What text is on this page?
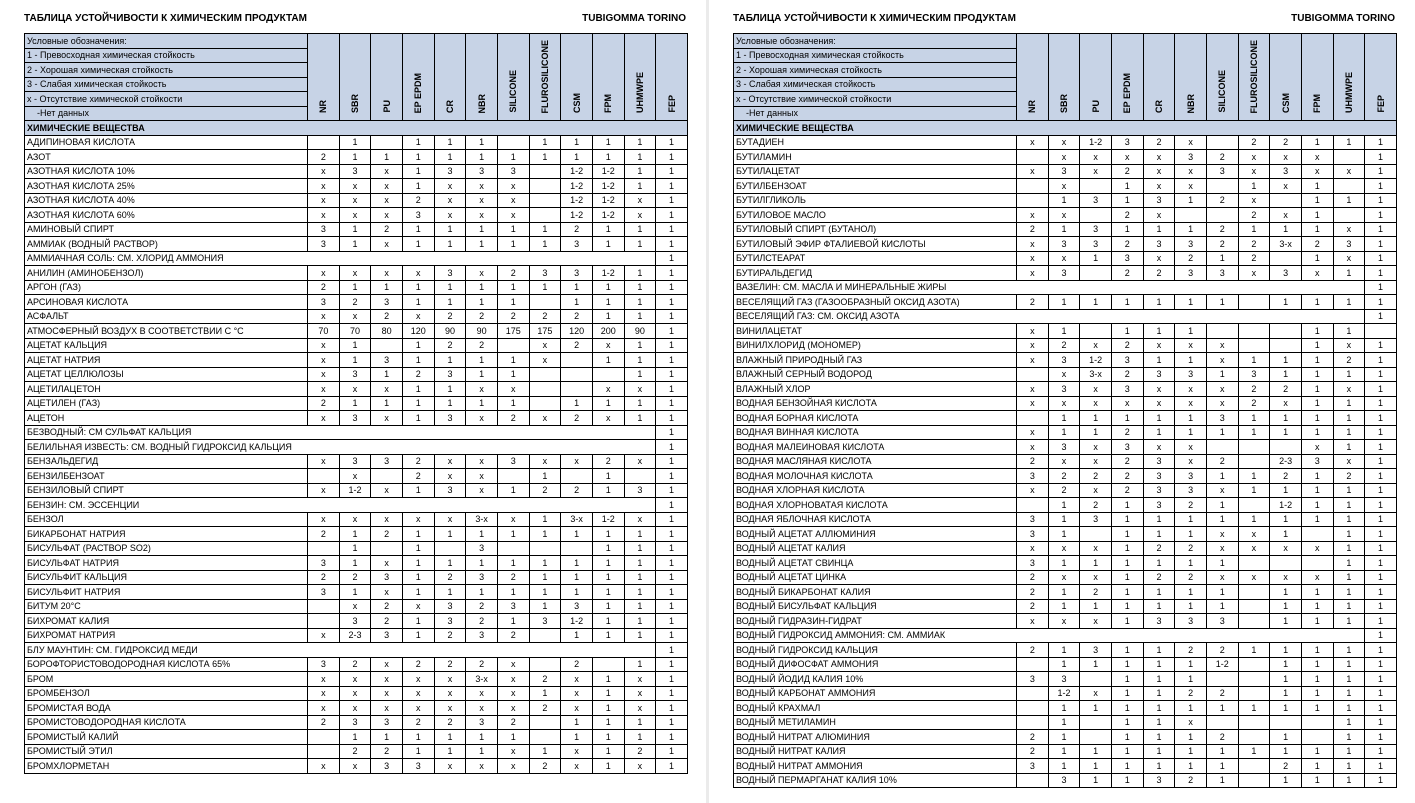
ТАБЛИЦА УСТОЙЧИВОСТИ К ХИМИЧЕСКИМ ПРОДУКТАМ	TUBIGOMMA TORINO
Условные обозначения:	NR	SBR	PU	EP EPDM	CR	NBR	SILICONE	FLUROSILICONE	CSM	FPM	UHMWPE	FEP
1 - Превосходная химическая стойкость												
2 - Хорошая химическая стойкость												
3 - Слабая химическая стойкость												
x - Отсутствие химической стойкости												
-Нет данных												
ХИМИЧЕСКИЕ ВЕЩЕСТВА												
АДИПИНОВАЯ КИСЛОТА		1		1	1	1		1	1	1	1	1
АЗОТ	2	1	1	1	1	1	1	1	1	1	1	1
АЗОТНАЯ КИСЛОТА 10%	x	3	x	1	3	3	3		1-2	1-2	1	1
АЗОТНАЯ КИСЛОТА 25%	x	x	x	1	x	x	x		1-2	1-2	1	1
АЗОТНАЯ КИСЛОТА 40%	x	x	x	2	x	x	x		1-2	1-2	x	1
АЗОТНАЯ КИСЛОТА 60%	x	x	x	3	x	x	x		1-2	1-2	x	1
АМИНОВЫЙ СПИРТ	3	1	2	1	1	1	1	1	2	1	1	1
АММИАК (ВОДНЫЙ РАСТВОР)	3	1	x	1	1	1	1	1	3	1	1	1
АММИАЧНАЯ СОЛЬ: СМ. ХЛОРИД АММОНИЯ												1
АНИЛИН (АМИНОБЕНЗОЛ)	x	x	x	x	3	x	2	3	3	1-2	1	1
АРГОН (ГАЗ)	2	1	1	1	1	1	1	1	1	1	1	1
АРСИНОВАЯ КИСЛОТА	3	2	3	1	1	1	1		1	1	1	1
АСФАЛЬТ	x	x	2	x	2	2	2	2	2	1	1	1
АТМОСФЕРНЫЙ ВОЗДУХ В СООТВЕТСТВИИ С °C	70	70	80	120	90	90	175	175	120	200	90	1
АЦЕТАТ КАЛЬЦИЯ	x	1		1	2	2		x	2	x	1	1
АЦЕТАТ НАТРИЯ	x	1	3	1	1	1	1	x		1	1	1
АЦЕТАТ ЦЕЛЛЮЛОЗЫ	x	3	1	2	3	1	1				1	1
АЦЕТИЛАЦЕТОН	x	x	x	1	1	x	x			x	x	1
АЦЕТИЛЕН (ГАЗ)	2	1	1	1	1	1	1		1	1	1	1
АЦЕТОН	x	3	x	1	3	x	2	x	2	x	1	1
БЕЗВОДНЫЙ: СМ СУЛЬФАТ КАЛЬЦИЯ												1
БЕЛИЛЬНАЯ ИЗВЕСТЬ: СМ. ВОДНЫЙ ГИДРОКСИД КАЛЬЦИЯ												1
БЕНЗАЛЬДЕГИД	x	3	3	2	x	x	3	x	x	2	x	1
БЕНЗИЛБЕНЗОАТ		x		2	x	x		1		1		1
БЕНЗИЛОВЫЙ СПИРТ	x	1-2	x	1	3	x	1	2	2	1	3	1
БЕНЗИН: СМ. ЭССЕНЦИИ												1
БЕНЗОЛ	x	x	x	x	x	3-x	x	1	3-x	1-2	x	1
БИКАРБОНАТ НАТРИЯ	2	1	2	1	1	1	1	1	1	1	1	1
БИСУЛЬФАТ (РАСТВОР SO2)		1		1		3				1	1	1
БИСУЛЬФАТ НАТРИЯ	3	1	x	1	1	1	1	1	1	1	1	1
БИСУЛЬФИТ КАЛЬЦИЯ	2	2	3	1	2	3	2	1	1	1	1	1
БИСУЛЬФИТ НАТРИЯ	3	1	x	1	1	1	1	1	1	1	1	1
БИТУМ 20°C		x	2	x	3	2	3	1	3	1	1	1
БИХРОМАТ КАЛИЯ		3	2	1	3	2	1	3	1-2	1	1	1
БИХРОМАТ НАТРИЯ	x	2-3	3	1	2	3	2		1	1	1	1
БЛУ МАУНТИН: СМ. ГИДРОКСИД МЕДИ												1
БОРОФТОРИСТОВОДОРОДНАЯ КИСЛОТА 65%	3	2	x	2	2	2	x		2		1	1
БРОМ	x	x	x	x	x	3-x	x	2	x	1	x	1
БРОМБЕНЗОЛ	x	x	x	x	x	x	x	1	x	1	x	1
БРОМИСТАЯ ВОДА	x	x	x	x	x	x	x	2	x	1	x	1
БРОМИСТОВОДОРОДНАЯ КИСЛОТА	2	3	3	2	2	3	2		1	1	1	1
БРОМИСТЫЙ КАЛИЙ		1	1	1	1	1	1		1	1	1	1
БРОМИСТЫЙ ЭТИЛ		2	2	1	1	1	x	1	x	1	2	1
БРОМХЛОРМЕТАН	x	x	3	3	x	x	x	2	x	1	x	1
ТАБЛИЦА УСТОЙЧИВОСТИ К ХИМИЧЕСКИМ ПРОДУКТАМ	TUBIGOMMA TORINO
Условные обозначения:	NR	SBR	PU	EP EPDM	CR	NBR	SILICONE	FLUROSILICONE	CSM	FPM	UHMWPE	FEP
1 - Превосходная химическая стойкость												
2 - Хорошая химическая стойкость												
3 - Слабая химическая стойкость												
x - Отсутствие химической стойкости												
-Нет данных												
ХИМИЧЕСКИЕ ВЕЩЕСТВА												
БУТАДИЕН	x	x	1-2	3	2	x		2	2	1	1	1
БУТИЛАМИН		x	x	x	x	3	2	x	x	x		1
БУТИЛАЦЕТАТ	x	3	x	2	x	x	3	x	3	x	x	1
БУТИЛБЕНЗОАТ		x		1	x	x		1	x	1		1
БУТИЛГЛИКОЛЬ		1	3	1	3	1	2	x		1	1	1
БУТИЛОВОЕ МАСЛО	x	x		2	x			2	x	1		1
БУТИЛОВЫЙ СПИРТ (БУТАНОЛ)	2	1	3	1	1	1	2	1	1	1	x	1
БУТИЛОВЫЙ ЭФИР ФТАЛИЕВОЙ КИСЛОТЫ	x	3	3	2	3	3	2	2	3-x	2	3	1
БУТИЛСТЕАРАТ	x	x	1	3	x	2	1	2		1	x	1
БУТИРАЛЬДЕГИД	x	3		2	2	3	3	x	3	x	1	1
ВАЗЕЛИН: СМ. МАСЛА И МИНЕРАЛЬНЫЕ ЖИРЫ												1
ВЕСЕЛЯЩИЙ ГАЗ (ГАЗООБРАЗНЫЙ ОКСИД АЗОТА)	2	1	1	1	1	1	1		1	1	1	1
ВЕСЕЛЯЩИЙ ГАЗ: СМ. ОКСИД АЗОТА												1
ВИНИЛАЦЕТАТ	x	1		1	1	1				1	1	
ВИНИЛХЛОРИД (МОНОМЕР)	x	2	x	2	x	x	x			1	x	1
ВЛАЖНЫЙ ПРИРОДНЫЙ ГАЗ	x	3	1-2	3	1	1	x	1	1	1	2	1
ВЛАЖНЫЙ СЕРНЫЙ ВОДОРОД		x	3-x	2	3	3	1	3	1	1	1	1
ВЛАЖНЫЙ ХЛОР	x	3	x	3	x	x	x	2	2	1	x	1
ВОДНАЯ БЕНЗОЙНАЯ КИСЛОТА	x	x	x	x	x	x	x	2	x	1	1	1
ВОДНАЯ БОРНАЯ КИСЛОТА		1	1	1	1	1	3	1	1	1	1	1
ВОДНАЯ ВИННАЯ КИСЛОТА	x	1	1	2	1	1	1	1	1	1	1	1
ВОДНАЯ МАЛЕИНОВАЯ КИСЛОТА	x	3	x	3	x	x				x	1	1
ВОДНАЯ МАСЛЯНАЯ КИСЛОТА	2	x	x	2	3	x	2		2-3	3	x	1
ВОДНАЯ МОЛОЧНАЯ КИСЛОТА	3	2	2	2	3	3	1	1	2	1	2	1
ВОДНАЯ ХЛОРНАЯ КИСЛОТА	x	2	x	2	3	3	x	1	1	1	1	1
ВОДНАЯ ХЛОРНОВАТАЯ КИСЛОТА		1	2	1	3	2	1		1-2	1	1	1
ВОДНАЯ ЯБЛОЧНАЯ КИСЛОТА	3	1	3	1	1	1	1	1	1	1	1	1
ВОДНЫЙ АЦЕТАТ АЛЛЮМИНИЯ	3	1		1	1	1	x	x	1		1	1
ВОДНЫЙ АЦЕТАТ КАЛИЯ	x	x	x	1	2	2	x	x	x	x	1	1
ВОДНЫЙ АЦЕТАТ СВИНЦА	3	1	1	1	1	1	1				1	1
ВОДНЫЙ АЦЕТАТ ЦИНКА	2	x	x	1	2	2	x	x	x	x	1	1
ВОДНЫЙ БИКАРБОНАТ КАЛИЯ	2	1	2	1	1	1	1		1	1	1	1
ВОДНЫЙ БИСУЛЬФАТ КАЛЬЦИЯ	2	1	1	1	1	1	1		1	1	1	1
ВОДНЫЙ ГИДРАЗИН-ГИДРАТ	x	x	x	1	3	3	3		1	1	1	1
ВОДНЫЙ ГИДРОКСИД АММОНИЯ: СМ. АММИАК												1
ВОДНЫЙ ГИДРОКСИД КАЛЬЦИЯ	2	1	3	1	1	2	2	1	1	1	1	1
ВОДНЫЙ ДИФОСФАТ АММОНИЯ		1	1	1	1	1	1-2		1	1	1	1
ВОДНЫЙ ЙОДИД КАЛИЯ 10%	3	3		1	1	1			1	1	1	1
ВОДНЫЙ КАРБОНАТ АММОНИЯ		1-2	x	1	1	2	2		1	1	1	1
ВОДНЫЙ КРАХМАЛ		1	1	1	1	1	1	1	1	1	1	1
ВОДНЫЙ МЕТИЛАМИН		1		1	1	x					1	1
ВОДНЫЙ НИТРАТ АЛЮМИНИЯ	2	1		1	1	1	2		1		1	1
ВОДНЫЙ НИТРАТ КАЛИЯ	2	1	1	1	1	1	1	1	1	1	1	1
ВОДНЫЙ НИТРАТ АММОНИЯ	3	1	1	1	1	1	1		2	1	1	1
ВОДНЫЙ ПЕРМАРГАНАТ КАЛИЯ 10%		3	1	1	3	2	1		1	1	1	1
